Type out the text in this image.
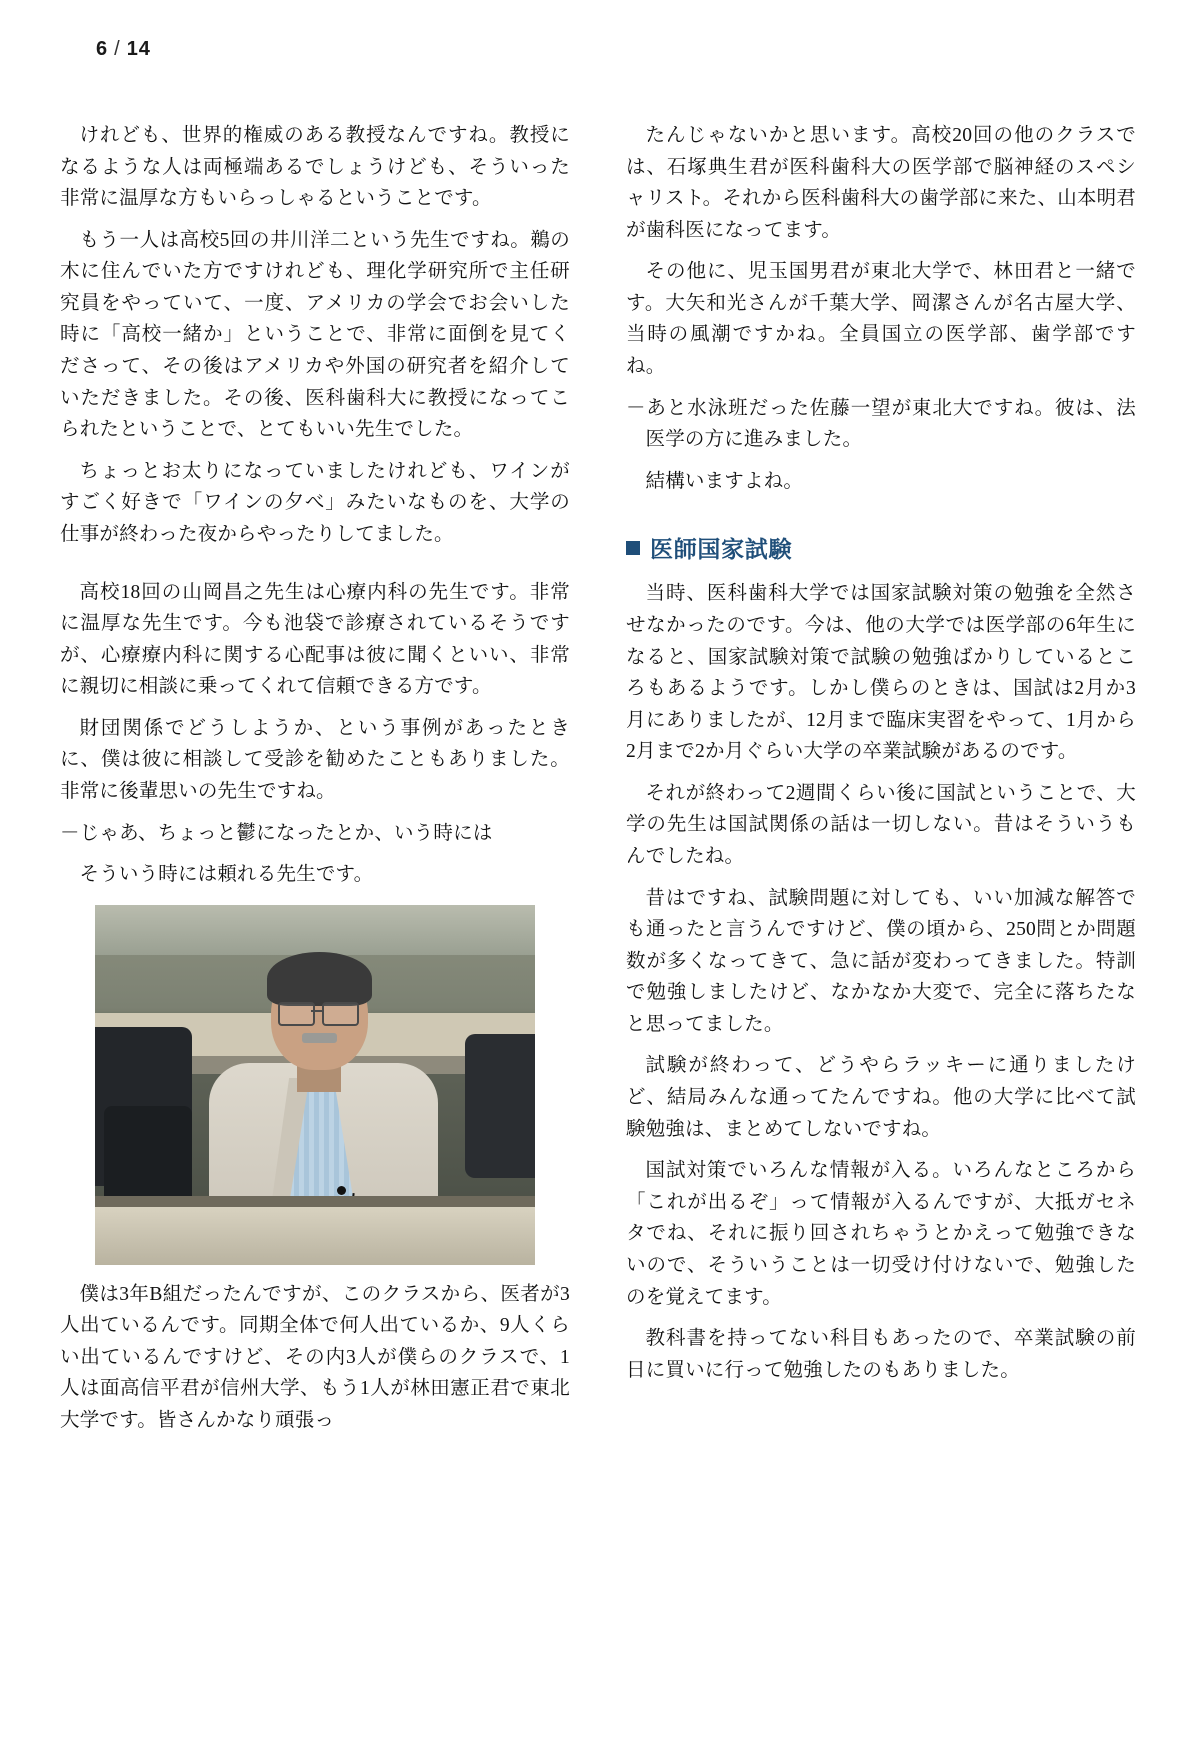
6 / 14

けれども、世界的権威のある教授なんですね。教授になるような人は両極端あるでしょうけども、そういった非常に温厚な方もいらっしゃるということです。

もう一人は高校5回の井川洋二という先生ですね。鵜の木に住んでいた方ですけれども、理化学研究所で主任研究員をやっていて、一度、アメリカの学会でお会いした時に「高校一緒か」ということで、非常に面倒を見てくださって、その後はアメリカや外国の研究者を紹介していただきました。その後、医科歯科大に教授になってこられたということで、とてもいい先生でした。

ちょっとお太りになっていましたけれども、ワインがすごく好きで「ワインの夕べ」みたいなものを、大学の仕事が終わった夜からやったりしてました。

高校18回の山岡昌之先生は心療内科の先生です。非常に温厚な先生です。今も池袋で診療されているそうですが、心療療内科に関する心配事は彼に聞くといい、非常に親切に相談に乗ってくれて信頼できる方です。

財団関係でどうしようか、という事例があったときに、僕は彼に相談して受診を勧めたこともありました。非常に後輩思いの先生ですね。

－じゃあ、ちょっと鬱になったとか、いう時には

そういう時には頼れる先生です。

僕は3年B組だったんですが、このクラスから、医者が3人出ているんです。同期全体で何人出ているか、9人くらい出ているんですけど、その内3人が僕らのクラスで、1人は面高信平君が信州大学、もう1人が林田憲正君で東北大学です。皆さんかなり頑張っ

たんじゃないかと思います。高校20回の他のクラスでは、石塚典生君が医科歯科大の医学部で脳神経のスペシャリスト。それから医科歯科大の歯学部に来た、山本明君が歯科医になってます。

その他に、児玉国男君が東北大学で、林田君と一緒です。大矢和光さんが千葉大学、岡潔さんが名古屋大学、当時の風潮ですかね。全員国立の医学部、歯学部ですね。

－あと水泳班だった佐藤一望が東北大ですね。彼は、法医学の方に進みました。

結構いますよね。

医師国家試験

当時、医科歯科大学では国家試験対策の勉強を全然させなかったのです。今は、他の大学では医学部の6年生になると、国家試験対策で試験の勉強ばかりしているところもあるようです。しかし僕らのときは、国試は2月か3月にありましたが、12月まで臨床実習をやって、1月から2月まで2か月ぐらい大学の卒業試験があるのです。

それが終わって2週間くらい後に国試ということで、大学の先生は国試関係の話は一切しない。昔はそういうもんでしたね。

昔はですね、試験問題に対しても、いい加減な解答でも通ったと言うんですけど、僕の頃から、250問とか問題数が多くなってきて、急に話が変わってきました。特訓で勉強しましたけど、なかなか大変で、完全に落ちたなと思ってました。

試験が終わって、どうやらラッキーに通りましたけど、結局みんな通ってたんですね。他の大学に比べて試験勉強は、まとめてしないですね。

国試対策でいろんな情報が入る。いろんなところから「これが出るぞ」って情報が入るんですが、大抵ガセネタでね、それに振り回されちゃうとかえって勉強できないので、そういうことは一切受け付けないで、勉強したのを覚えてます。

教科書を持ってない科目もあったので、卒業試験の前日に買いに行って勉強したのもありました。
